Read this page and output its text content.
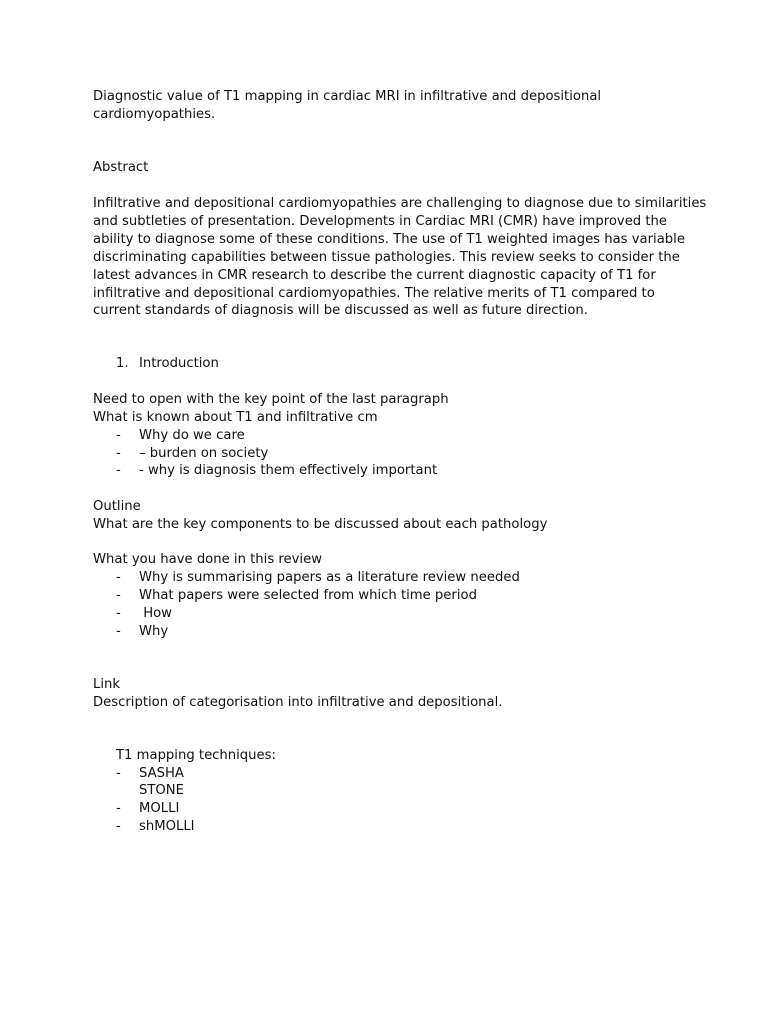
Diagnostic value of T1 mapping in cardiac MRI in infiltrative and depositional
cardiomyopathies.
Abstract
Infiltrative and depositional cardiomyopathies are challenging to diagnose due to similarities
and subtleties of presentation. Developments in Cardiac MRI (CMR) have improved the
ability to diagnose some of these conditions. The use of T1 weighted images has variable
discriminating capabilities between tissue pathologies. This review seeks to consider the
latest advances in CMR research to describe the current diagnostic capacity of T1 for
infiltrative and depositional cardiomyopathies. The relative merits of T1 compared to
current standards of diagnosis will be discussed as well as future direction.
1. Introduction
Need to open with the key point of the last paragraph
What is known about T1 and infiltrative cm
- Why do we care
- – burden on society
- - why is diagnosis them effectively important
Outline
What are the key components to be discussed about each pathology
What you have done in this review
- Why is summarising papers as a literature review needed
- What papers were selected from which time period
- How
- Why
Link
Description of categorisation into infiltrative and depositional.
T1 mapping techniques:
- SASHA
STONE
- MOLLI
- shMOLLI
